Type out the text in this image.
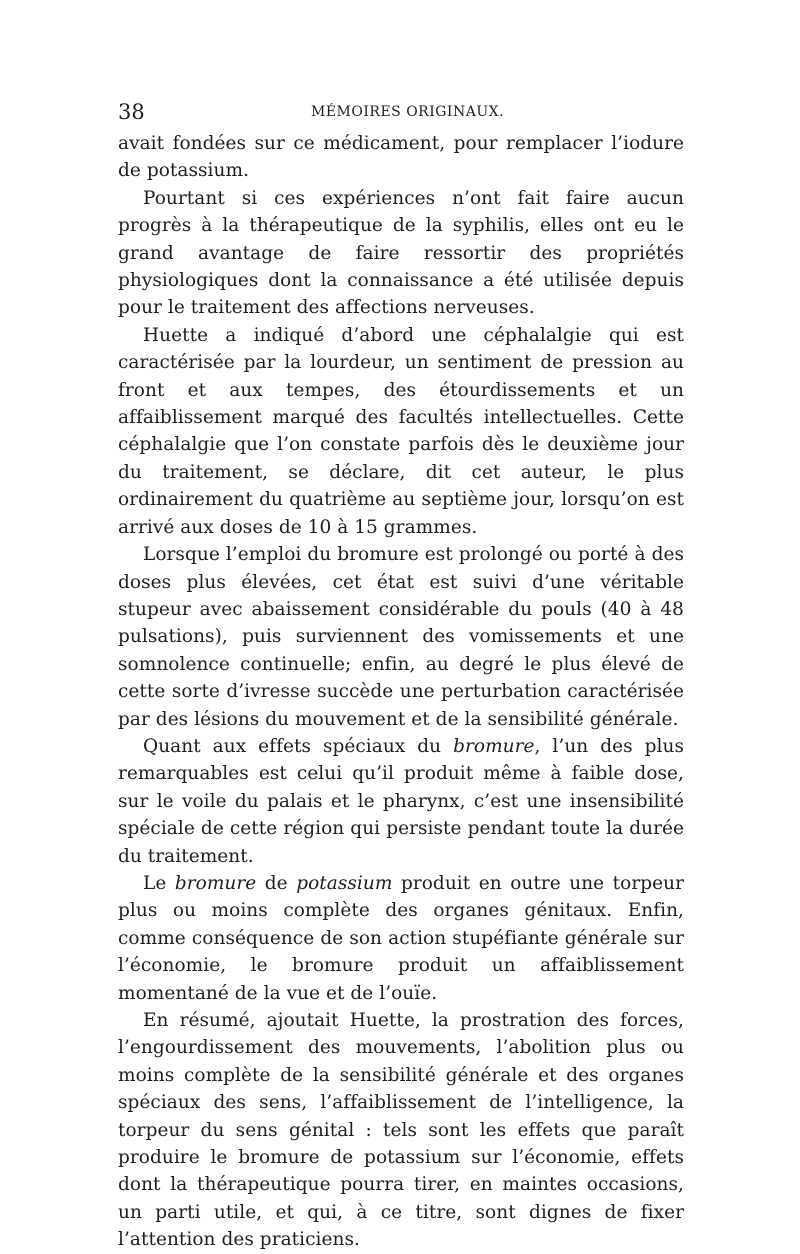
38	MÉMOIRES ORIGINAUX.

avait fondées sur ce médicament, pour remplacer l’iodure de potassium.

Pourtant si ces expériences n’ont fait faire aucun progrès à la thérapeutique de la syphilis, elles ont eu le grand avantage de faire ressortir des propriétés physiologiques dont la connaissance a été utilisée depuis pour le traitement des affections nerveuses.

Huette a indiqué d’abord une céphalalgie qui est caractérisée par la lourdeur, un sentiment de pression au front et aux tempes, des étourdissements et un affaiblissement marqué des facultés intellectuelles. Cette céphalalgie que l’on constate parfois dès le deuxième jour du traitement, se déclare, dit cet auteur, le plus ordinairement du quatrième au septième jour, lorsqu’on est arrivé aux doses de 10 à 15 grammes.

Lorsque l’emploi du bromure est prolongé ou porté à des doses plus élevées, cet état est suivi d’une véritable stupeur avec abaissement considérable du pouls (40 à 48 pulsations), puis surviennent des vomissements et une somnolence continuelle; enfin, au degré le plus élevé de cette sorte d’ivresse succède une perturbation caractérisée par des lésions du mouvement et de la sensibilité générale.

Quant aux effets spéciaux du bromure, l’un des plus remarquables est celui qu’il produit même à faible dose, sur le voile du palais et le pharynx, c’est une insensibilité spéciale de cette région qui persiste pendant toute la durée du traitement.

Le bromure de potassium produit en outre une torpeur plus ou moins complète des organes génitaux. Enfin, comme conséquence de son action stupéfiante générale sur l’économie, le bromure produit un affaiblissement momentané de la vue et de l’ouïe.

En résumé, ajoutait Huette, la prostration des forces, l’engourdissement des mouvements, l’abolition plus ou moins complète de la sensibilité générale et des organes spéciaux des sens, l’affaiblissement de l’intelligence, la torpeur du sens génital : tels sont les effets que paraît produire le bromure de potassium sur l’économie, effets dont la thérapeutique pourra tirer, en maintes occasions, un parti utile, et qui, à ce titre, sont dignes de fixer l’attention des praticiens.
